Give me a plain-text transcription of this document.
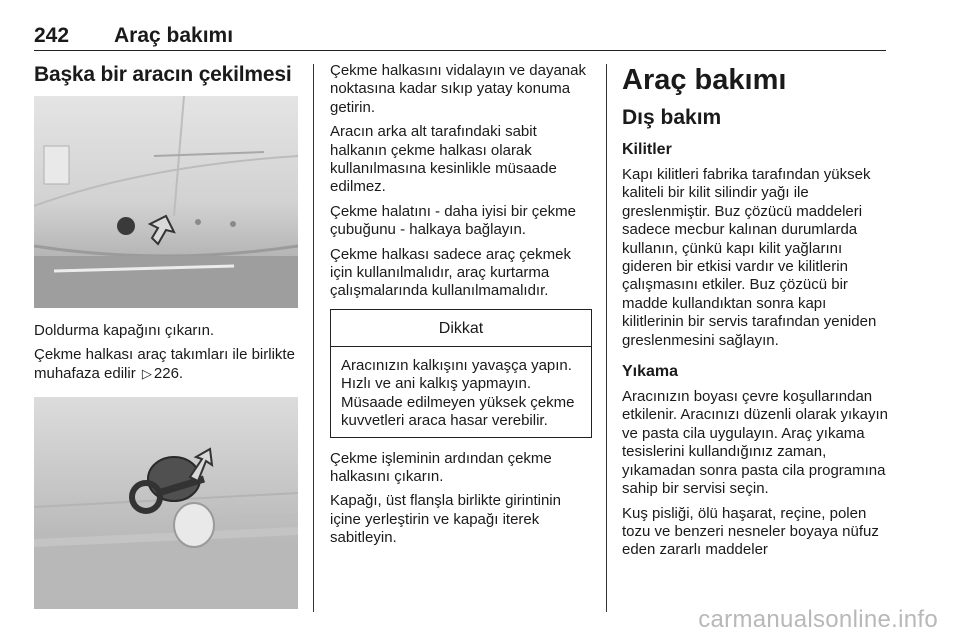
242 Araç bakımı
Başka bir aracın çekilmesi

Doldurma kapağını çıkarın.

Çekme halkası araç takımları ile birlikte muhafaza edilir ▷ 226.

Çekme halkasını vidalayın ve dayanak noktasına kadar sıkıp yatay konuma getirin.

Aracın arka alt tarafındaki sabit halkanın çekme halkası olarak kullanılmasına kesinlikle müsaade edilmez.

Çekme halatını - daha iyisi bir çekme çubuğunu - halkaya bağlayın.

Çekme halkası sadece araç çekmek için kullanılmalıdır, araç kurtarma çalışmalarında kullanılmamalıdır.

Dikkat
Aracınızın kalkışını yavaşça yapın. Hızlı ve ani kalkış yapmayın. Müsaade edilmeyen yüksek çekme kuvvetleri araca hasar verebilir.

Çekme işleminin ardından çekme halkasını çıkarın.

Kapağı, üst flanşla birlikte girintinin içine yerleştirin ve kapağı iterek sabitleyin.

Araç bakımı
Dış bakım
Kilitler

Kapı kilitleri fabrika tarafından yüksek kaliteli bir kilit silindir yağı ile greslenmiştir. Buz çözücü maddeleri sadece mecbur kalınan durumlarda kullanın, çünkü kapı kilit yağlarını gideren bir etkisi vardır ve kilitlerin çalışmasını etkiler. Buz çözücü bir madde kullandıktan sonra kapı kilitlerinin bir servis tarafından yeniden greslenmesini sağlayın.

Yıkama

Aracınızın boyası çevre koşullarından etkilenir. Aracınızı düzenli olarak yıkayın ve pasta cila uygulayın. Araç yıkama tesislerini kullandığınız zaman, yıkamadan sonra pasta cila programına sahip bir servisi seçin.

Kuş pisliği, ölü haşarat, reçine, polen tozu ve benzeri nesneler boyaya nüfuz eden zararlı maddeler

carmanualsonline.info
